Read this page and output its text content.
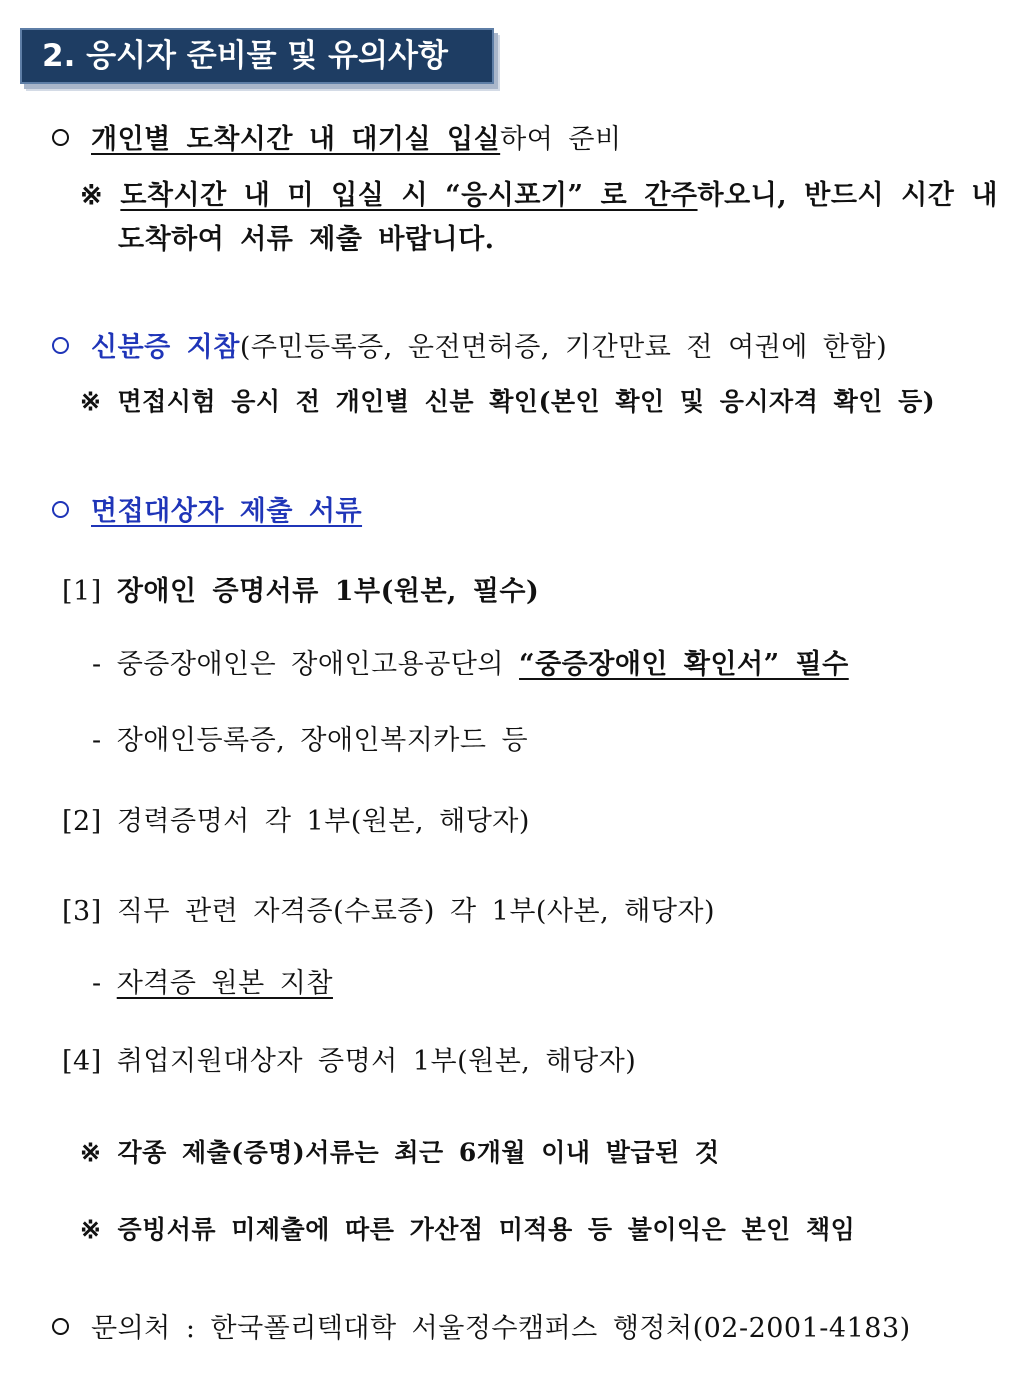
2. 응시자 준비물 및 유의사항
개인별 도착시간 내 대기실 입실하여 준비
※ 도착시간 내 미 입실 시 “응시포기” 로 간주하오니, 반드시 시간 내
도착하여 서류 제출 바랍니다.
신분증 지참(주민등록증, 운전면허증, 기간만료 전 여권에 한함)
※ 면접시험 응시 전 개인별 신분 확인(본인 확인 및 응시자격 확인 등)
면접대상자 제출 서류
[1] 장애인 증명서류 1부(원본, 필수)
- 중증장애인은 장애인고용공단의 “중증장애인 확인서” 필수
- 장애인등록증, 장애인복지카드 등
[2] 경력증명서 각 1부(원본, 해당자)
[3] 직무 관련 자격증(수료증) 각 1부(사본, 해당자)
- 자격증 원본 지참
[4] 취업지원대상자 증명서 1부(원본, 해당자)
※ 각종 제출(증명)서류는 최근 6개월 이내 발급된 것
※ 증빙서류 미제출에 따른 가산점 미적용 등 불이익은 본인 책임
문의처 : 한국폴리텍대학 서울정수캠퍼스 행정처(02-2001-4183)
